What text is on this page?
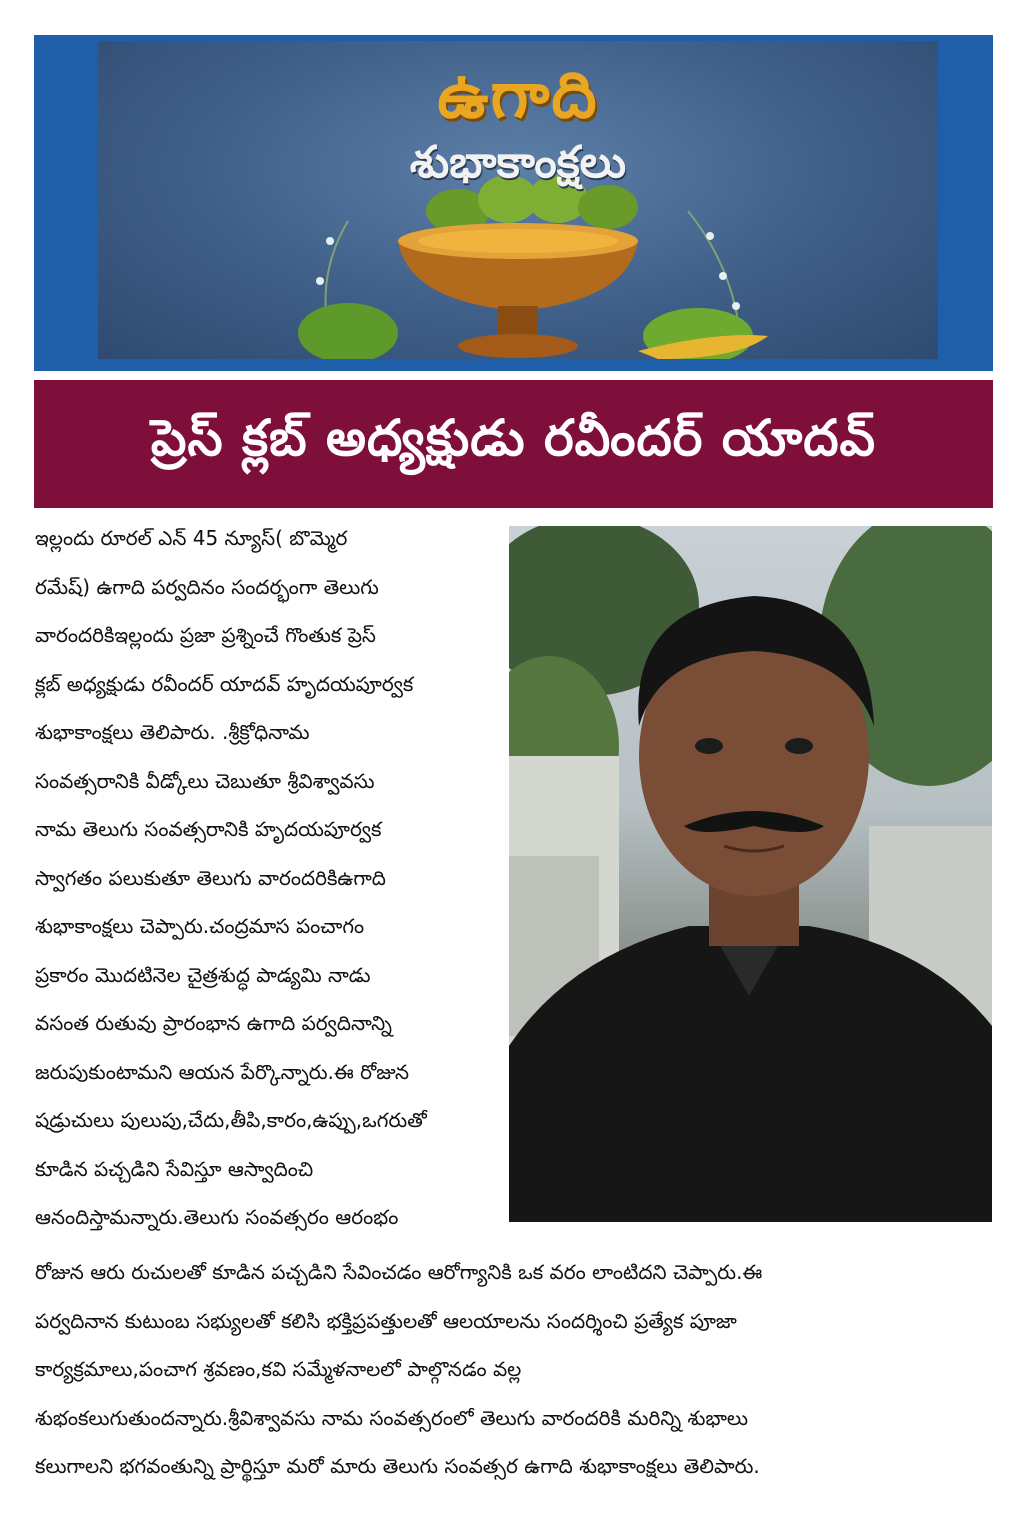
ఉగాది
శుభాకాంక్షలు
ప్రెస్ క్లబ్ అధ్యక్షుడు రవీందర్ యాదవ్
ఇల్లందు రూరల్ ఎన్ 45 న్యూస్( బొమ్మెర
రమేష్) ఉగాది పర్వదినం సందర్భంగా తెలుగు
వారందరికిఇల్లందు ప్రజా ప్రశ్నించే గొంతుక ప్రెస్
క్లబ్ అధ్యక్షుడు రవీందర్ యాదవ్ హృదయపూర్వక
శుభాకాంక్షలు తెలిపారు. .శ్రీక్రోధినామ
సంవత్సరానికి వీడ్కోలు చెబుతూ శ్రీవిశ్వావసు
నామ తెలుగు సంవత్సరానికి హృదయపూర్వక
స్వాగతం పలుకుతూ తెలుగు వారందరికిఉగాది
శుభాకాంక్షలు చెప్పారు.చంద్రమాస పంచాగం
ప్రకారం మొదటినెల చైత్రశుద్ధ పాడ్యమి నాడు
వసంత రుతువు ప్రారంభాన ఉగాది పర్వదినాన్ని
జరుపుకుంటామని ఆయన పేర్కొన్నారు.ఈ రోజున
షడ్రుచులు పులుపు,చేదు,తీపి,కారం,ఉప్పు,ఒగరుతో
కూడిన పచ్చడిని సేవిస్తూ ఆస్వాదించి
ఆనందిస్తామన్నారు.తెలుగు సంవత్సరం ఆరంభం
రోజున ఆరు రుచులతో కూడిన పచ్చడిని సేవించడం ఆరోగ్యానికి ఒక వరం లాంటిదని చెప్పారు.ఈ
పర్వదినాన కుటుంబ సభ్యులతో కలిసి భక్తిప్రపత్తులతో ఆలయాలను సందర్శించి ప్రత్యేక పూజా
కార్యక్రమాలు,పంచాగ శ్రవణం,కవి సమ్మేళనాలలో పాల్గొనడం వల్ల
శుభంకలుగుతుందన్నారు.శ్రీవిశ్వావసు నామ సంవత్సరంలో తెలుగు వారందరికి మరిన్ని శుభాలు
కలుగాలని భగవంతున్ని ప్రార్థిస్తూ మరో మారు తెలుగు సంవత్సర ఉగాది శుభాకాంక్షలు తెలిపారు.
